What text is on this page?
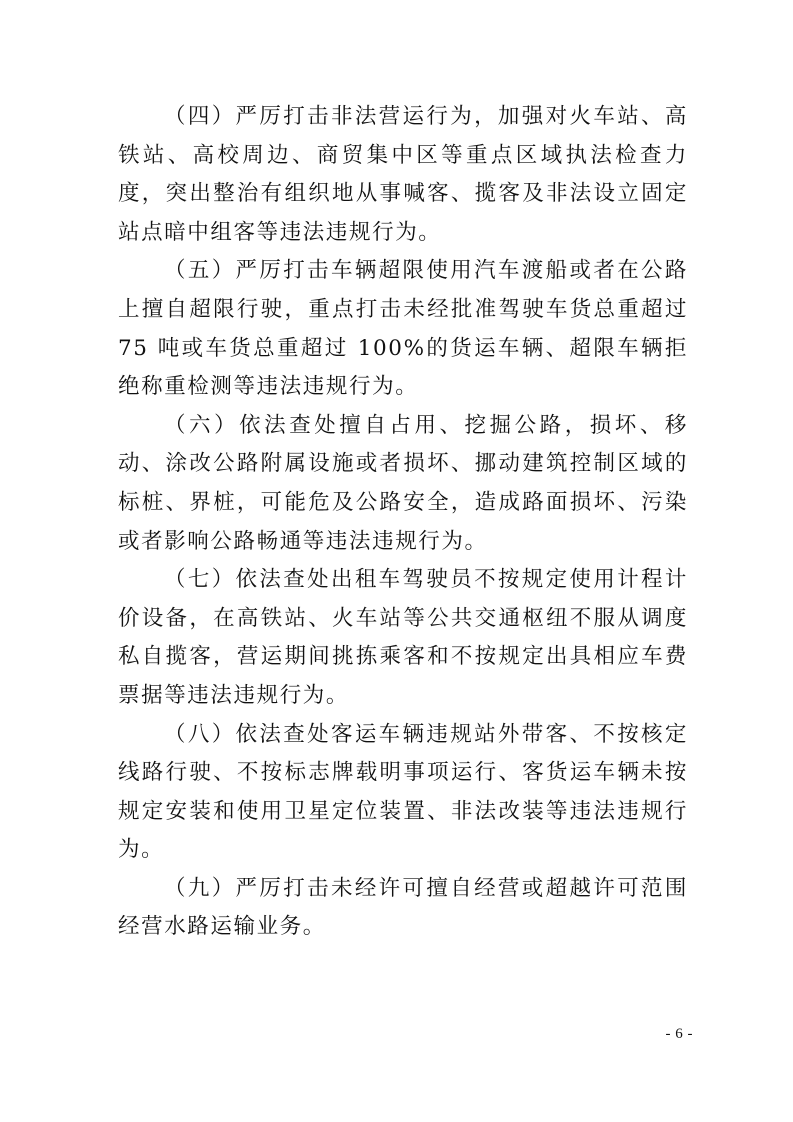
（四）严厉打击非法营运行为，加强对火车站、高铁站、高校周边、商贸集中区等重点区域执法检查力度，突出整治有组织地从事喊客、揽客及非法设立固定站点暗中组客等违法违规行为。

（五）严厉打击车辆超限使用汽车渡船或者在公路上擅自超限行驶，重点打击未经批准驾驶车货总重超过 75 吨或车货总重超过 100%的货运车辆、超限车辆拒绝称重检测等违法违规行为。

（六）依法查处擅自占用、挖掘公路，损坏、移动、涂改公路附属设施或者损坏、挪动建筑控制区域的标桩、界桩，可能危及公路安全，造成路面损坏、污染或者影响公路畅通等违法违规行为。

（七）依法查处出租车驾驶员不按规定使用计程计价设备，在高铁站、火车站等公共交通枢纽不服从调度私自揽客，营运期间挑拣乘客和不按规定出具相应车费票据等违法违规行为。

（八）依法查处客运车辆违规站外带客、不按核定线路行驶、不按标志牌载明事项运行、客货运车辆未按规定安装和使用卫星定位装置、非法改装等违法违规行为。

（九）严厉打击未经许可擅自经营或超越许可范围经营水路运输业务。

- 6 -
